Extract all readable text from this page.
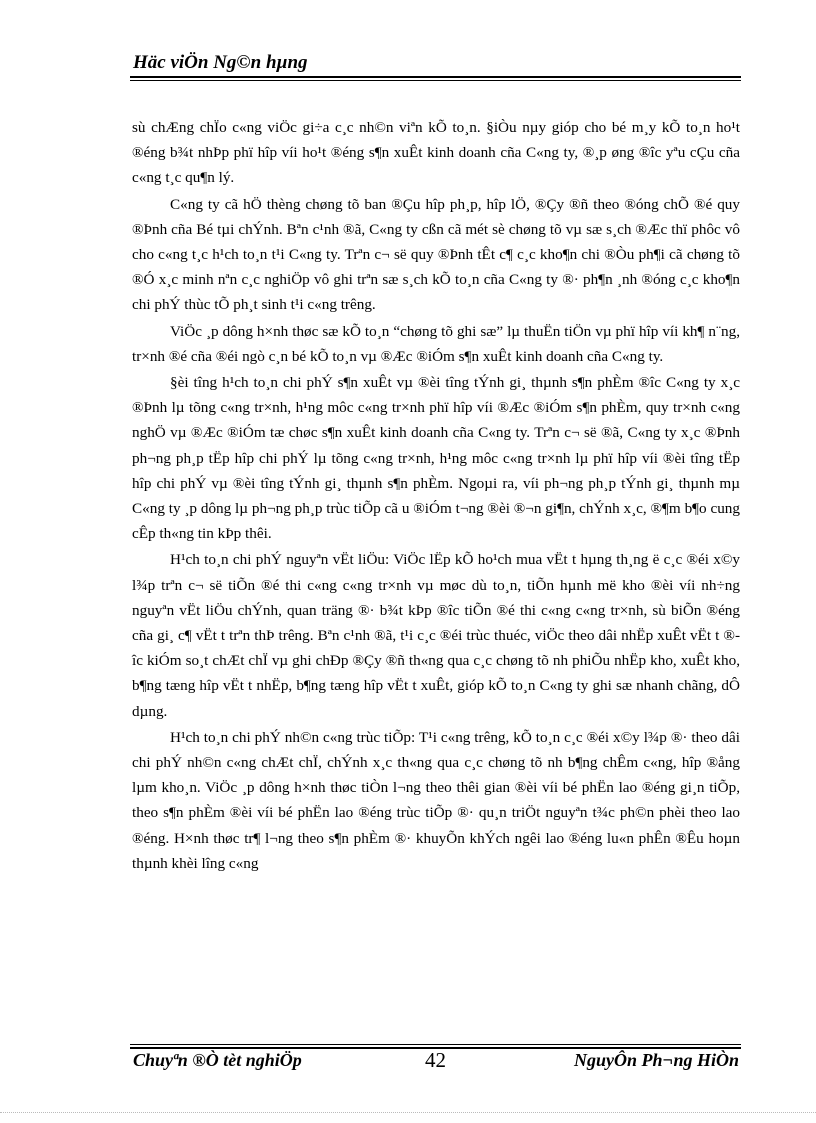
Häc viÖn Ng©n hµng

sù chÆng chÏo c«ng viÖc gi÷a c¸c nh©n viªn kÕ to¸n. §iÒu nµy gióp cho bé m¸y kÕ to¸n ho¹t ®éng b¾t nhÞp phï hîp víi ho¹t ®éng s¶n xuÊt kinh doanh cña C«ng ty, ®¸p øng ®îc yªu cÇu cña c«ng t¸c qu¶n lý.

C«ng ty cã hÖ thèng chøng tõ ban ®Çu hîp ph¸p, hîp lÖ, ®Çy ®ñ theo ®óng chÕ ®é quy ®Þnh cña Bé tµi chÝnh. Bªn c¹nh ®ã, C«ng ty cßn cã mét sè chøng tõ vµ sæ s¸ch ®Æc thï phôc vô cho c«ng t¸c h¹ch to¸n t¹i C«ng ty. Trªn c¬ së quy ®Þnh tÊt c¶ c¸c kho¶n chi ®Òu ph¶i cã chøng tõ ®Ó x¸c minh nªn c¸c nghiÖp vô ghi trªn sæ s¸ch kÕ to¸n cña C«ng ty ®· ph¶n ¸nh ®óng c¸c kho¶n chi phÝ thùc tÕ ph¸t sinh t¹i c«ng trêng.

ViÖc ¸p dông h×nh thøc sæ kÕ to¸n “chøng tõ ghi sæ” lµ thuËn tiÖn vµ phï hîp víi kh¶ n¨ng, tr×nh ®é cña ®éi ngò c¸n bé kÕ to¸n vµ ®Æc ®iÓm s¶n xuÊt kinh doanh cña C«ng ty.

§èi tîng h¹ch to¸n chi phÝ s¶n xuÊt vµ ®èi tîng tÝnh gi¸ thµnh s¶n phÈm ®îc C«ng ty x¸c ®Þnh lµ tõng c«ng tr×nh, h¹ng môc c«ng tr×nh phï hîp víi ®Æc ®iÓm s¶n phÈm, quy tr×nh c«ng nghÖ vµ ®Æc ®iÓm tæ chøc s¶n xuÊt kinh doanh cña C«ng ty. Trªn c¬ së ®ã, C«ng ty x¸c ®Þnh ph¬ng ph¸p tËp hîp chi phÝ lµ tõng c«ng tr×nh, h¹ng môc c«ng tr×nh lµ phï hîp víi ®èi tîng tËp hîp chi phÝ vµ ®èi tîng tÝnh gi¸ thµnh s¶n phÈm. Ngoµi ra, víi ph¬ng ph¸p tÝnh gi¸ thµnh mµ C«ng ty ¸p dông lµ ph¬ng ph¸p trùc tiÕp cã u ®iÓm t¬ng ®èi ®¬n gi¶n, chÝnh x¸c, ®¶m b¶o cung cÊp th«ng tin kÞp thêi.

H¹ch to¸n chi phÝ nguyªn vËt liÖu: ViÖc lËp kÕ ho¹ch mua vËt t hµng th¸ng ë c¸c ®éi x©y l¾p trªn c¬ së tiÕn ®é thi c«ng c«ng tr×nh vµ møc dù to¸n, tiÕn hµnh më kho ®èi víi nh÷ng nguyªn vËt liÖu chÝnh, quan träng ®· b¾t kÞp ®îc tiÕn ®é thi c«ng c«ng tr×nh, sù biÕn ®éng cña gi¸ c¶ vËt t trªn thÞ trêng. Bªn c¹nh ®ã, t¹i c¸c ®éi trùc thuéc, viÖc theo dâi nhËp xuÊt vËt t ®îc kiÓm so¸t chÆt chÏ vµ ghi chÐp ®Çy ®ñ th«ng qua c¸c chøng tõ nh phiÕu nhËp kho, xuÊt kho, b¶ng tæng hîp vËt t nhËp, b¶ng tæng hîp vËt t xuÊt, gióp kÕ to¸n C«ng ty ghi sæ nhanh chãng, dÔ dµng.

H¹ch to¸n chi phÝ nh©n c«ng trùc tiÕp: T¹i c«ng trêng, kÕ to¸n c¸c ®éi x©y l¾p ®· theo dâi chi phÝ nh©n c«ng chÆt chÏ, chÝnh x¸c th«ng qua c¸c chøng tõ nh b¶ng chÊm c«ng, hîp ®ång lµm kho¸n. ViÖc ¸p dông h×nh thøc tiÒn l¬ng theo thêi gian ®èi víi bé phËn lao ®éng gi¸n tiÕp, theo s¶n phÈm ®èi víi bé phËn lao ®éng trùc tiÕp ®· qu¸n triÖt nguyªn t¾c ph©n phèi theo lao ®éng. H×nh thøc tr¶ l¬ng theo s¶n phÈm ®· khuyÕn khÝch ngêi lao ®éng lu«n phÊn ®Êu hoµn thµnh khèi lîng c«ng

Chuyªn ®Ò tèt nghiÖp	42	NguyÔn Ph¬ng HiÒn
